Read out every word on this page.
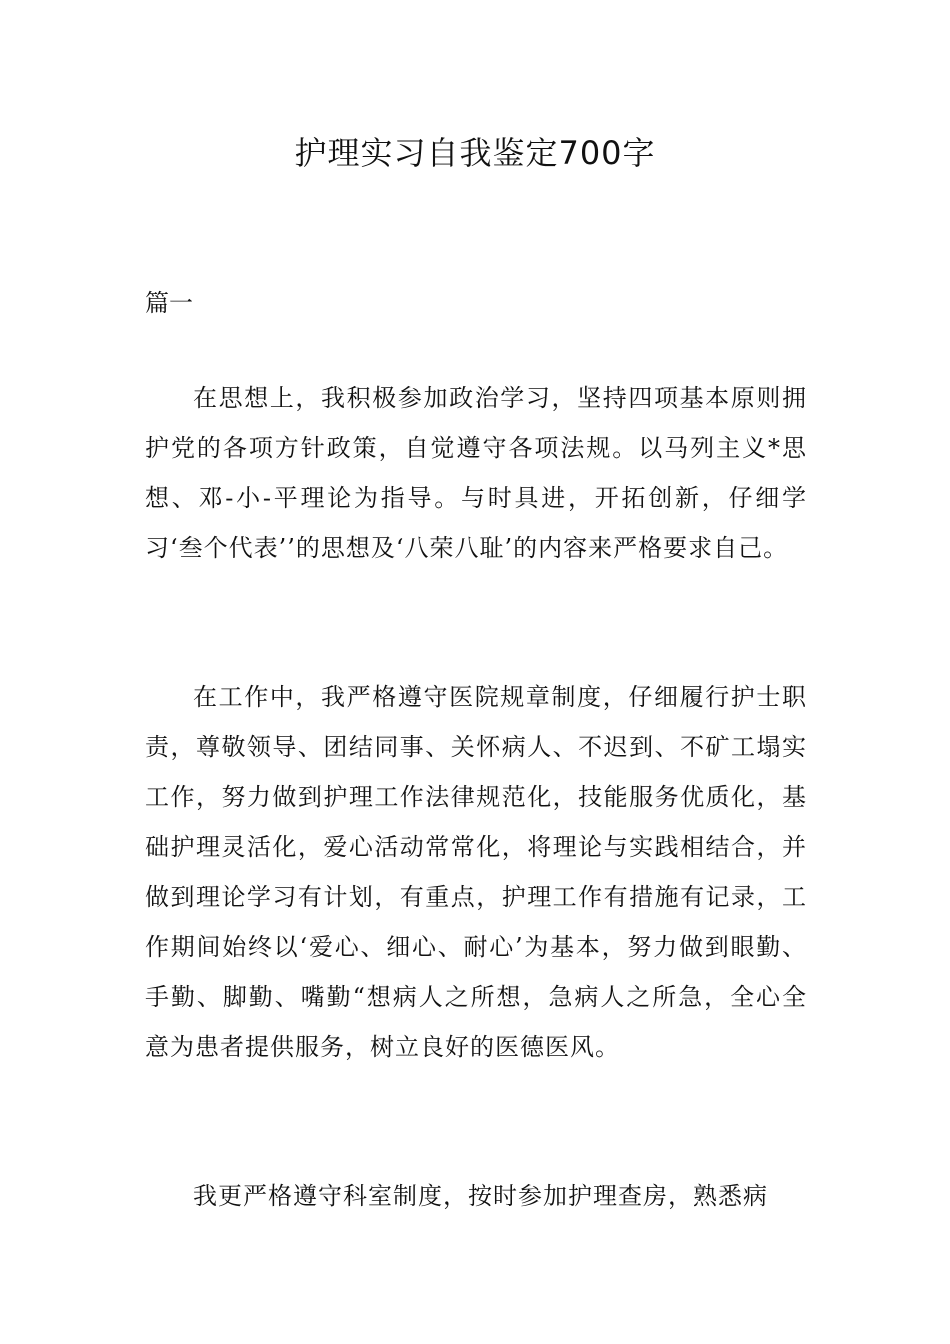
护理实习自我鉴定700字
篇一

在思想上，我积极参加政治学习，坚持四项基本原则拥护党的各项方针政策，自觉遵守各项法规。以马列主义*思想、邓-小-平理论为指导。与时具进，开拓创新，仔细学习‘叁个代表’’的思想及‘八荣八耻’的内容来严格要求自己。

在工作中，我严格遵守医院规章制度，仔细履行护士职责，尊敬领导、团结同事、关怀病人、不迟到、不矿工塌实工作，努力做到护理工作法律规范化，技能服务优质化，基础护理灵活化，爱心活动常常化，将理论与实践相结合，并做到理论学习有计划，有重点，护理工作有措施有记录，工作期间始终以‘爱心、细心、耐心’为基本，努力做到眼勤、手勤、脚勤、嘴勤“想病人之所想，急病人之所急，全心全意为患者提供服务，树立良好的医德医风。

我更严格遵守科室制度，按时参加护理查房，熟悉病
